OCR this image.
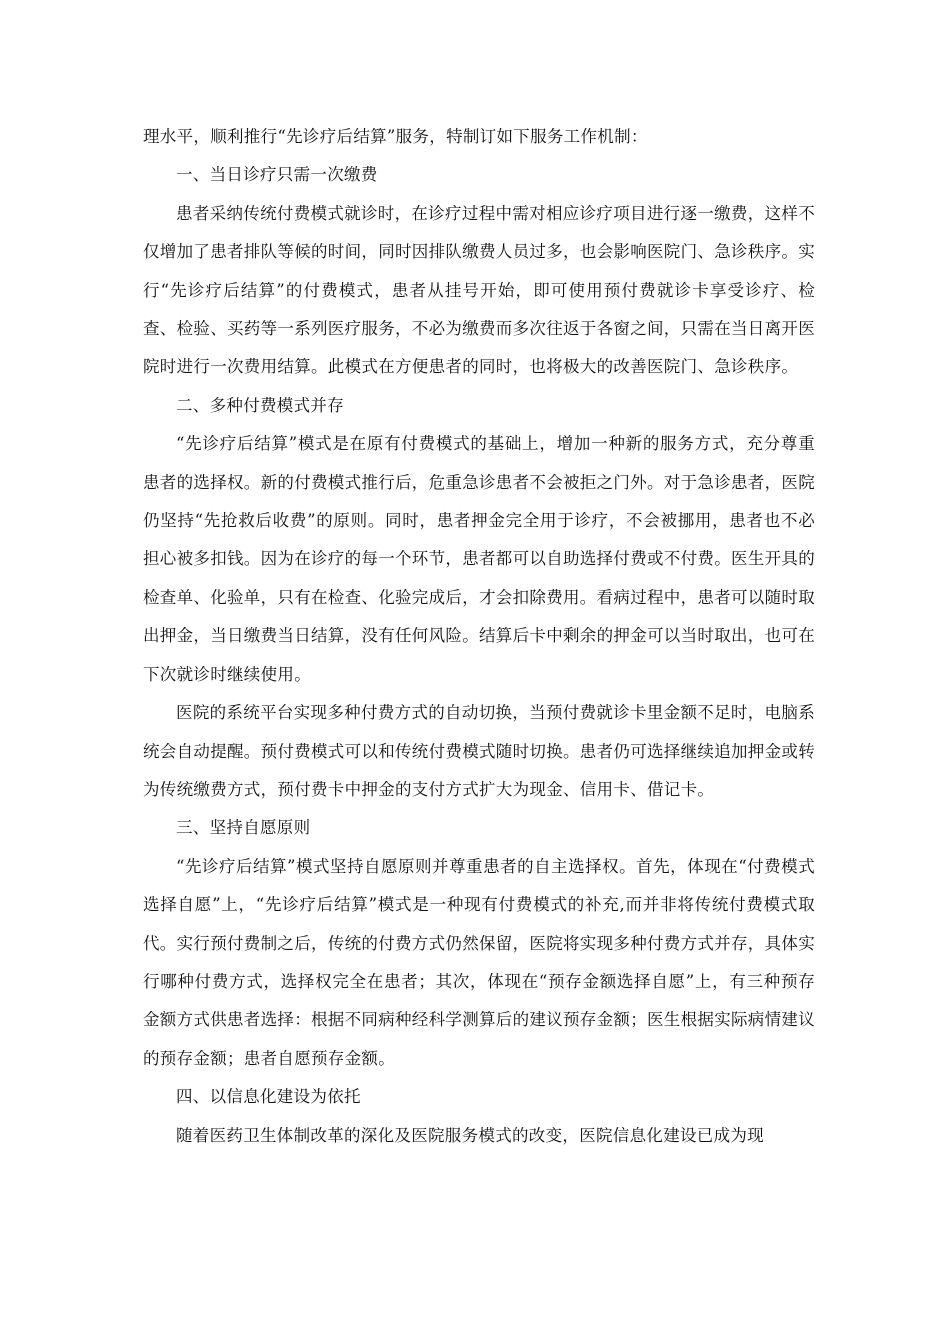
理水平，顺利推行“先诊疗后结算”服务，特制订如下服务工作机制：

一、当日诊疗只需一次缴费

患者采纳传统付费模式就诊时，在诊疗过程中需对相应诊疗项目进行逐一缴费，这样不仅增加了患者排队等候的时间，同时因排队缴费人员过多，也会影响医院门、急诊秩序。实行“先诊疗后结算”的付费模式，患者从挂号开始，即可使用预付费就诊卡享受诊疗、检查、检验、买药等一系列医疗服务，不必为缴费而多次往返于各窗之间，只需在当日离开医院时进行一次费用结算。此模式在方便患者的同时，也将极大的改善医院门、急诊秩序。

二、多种付费模式并存

“先诊疗后结算”模式是在原有付费模式的基础上，增加一种新的服务方式，充分尊重患者的选择权。新的付费模式推行后，危重急诊患者不会被拒之门外。对于急诊患者，医院仍坚持“先抢救后收费”的原则。同时，患者押金完全用于诊疗，不会被挪用，患者也不必担心被多扣钱。因为在诊疗的每一个环节，患者都可以自助选择付费或不付费。医生开具的检查单、化验单，只有在检查、化验完成后，才会扣除费用。看病过程中，患者可以随时取出押金，当日缴费当日结算，没有任何风险。结算后卡中剩余的押金可以当时取出，也可在下次就诊时继续使用。

医院的系统平台实现多种付费方式的自动切换，当预付费就诊卡里金额不足时，电脑系统会自动提醒。预付费模式可以和传统付费模式随时切换。患者仍可选择继续追加押金或转为传统缴费方式，预付费卡中押金的支付方式扩大为现金、信用卡、借记卡。

三、坚持自愿原则

“先诊疗后结算”模式坚持自愿原则并尊重患者的自主选择权。首先，体现在“付费模式选择自愿”上，“先诊疗后结算”模式是一种现有付费模式的补充,而并非将传统付费模式取代。实行预付费制之后，传统的付费方式仍然保留，医院将实现多种付费方式并存，具体实行哪种付费方式，选择权完全在患者；其次，体现在“预存金额选择自愿”上，有三种预存金额方式供患者选择：根据不同病种经科学测算后的建议预存金额；医生根据实际病情建议的预存金额；患者自愿预存金额。

四、以信息化建设为依托

随着医药卫生体制改革的深化及医院服务模式的改变，医院信息化建设已成为现
